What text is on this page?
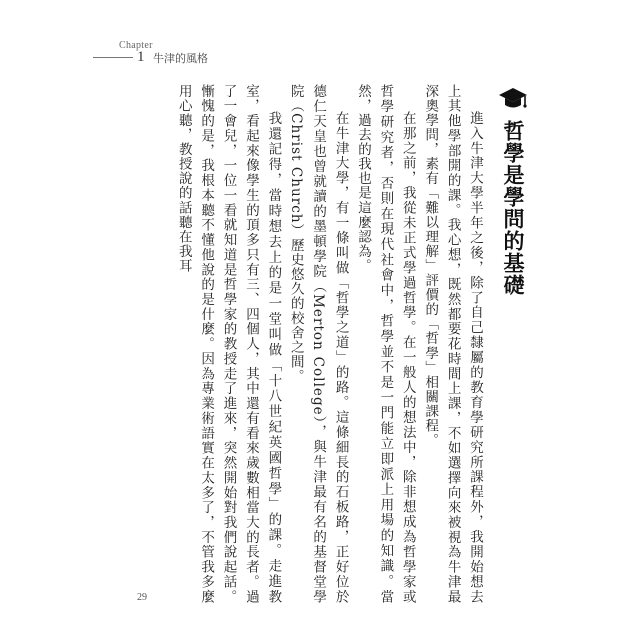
Chapter
1 牛津的風格
哲學是學問的基礎

進入牛津大學半年之後，除了自己隸屬的教育學研究所課程外，我開始想去上其他學部開的課。我心想，既然都要花時間上課，不如選擇向來被視為牛津最深奧學問，素有「難以理解」評價的「哲學」相關課程。

在那之前，我從未正式學過哲學。在一般人的想法中，除非想成為哲學家或哲學研究者，否則在現代社會中，哲學並不是一門能立即派上用場的知識。當然，過去的我也是這麼認為。

在牛津大學，有一條叫做「哲學之道」的路。這條細長的石板路，正好位於德仁天皇也曾就讀的墨頓學院（Merton College），與牛津最有名的基督堂學院（Christ Church）歷史悠久的校舍之間。

我還記得，當時想去上的是一堂叫做「十八世紀英國哲學」的課。走進教室，看起來像學生的頂多只有三、四個人，其中還有看來歲數相當大的長者。過了一會兒，一位一看就知道是哲學家的教授走了進來，突然開始對我們說起話。慚愧的是，我根本聽不懂他說的是什麼。因為專業術語實在太多了，不管我多麼用心聽，教授說的話聽在我耳

29
